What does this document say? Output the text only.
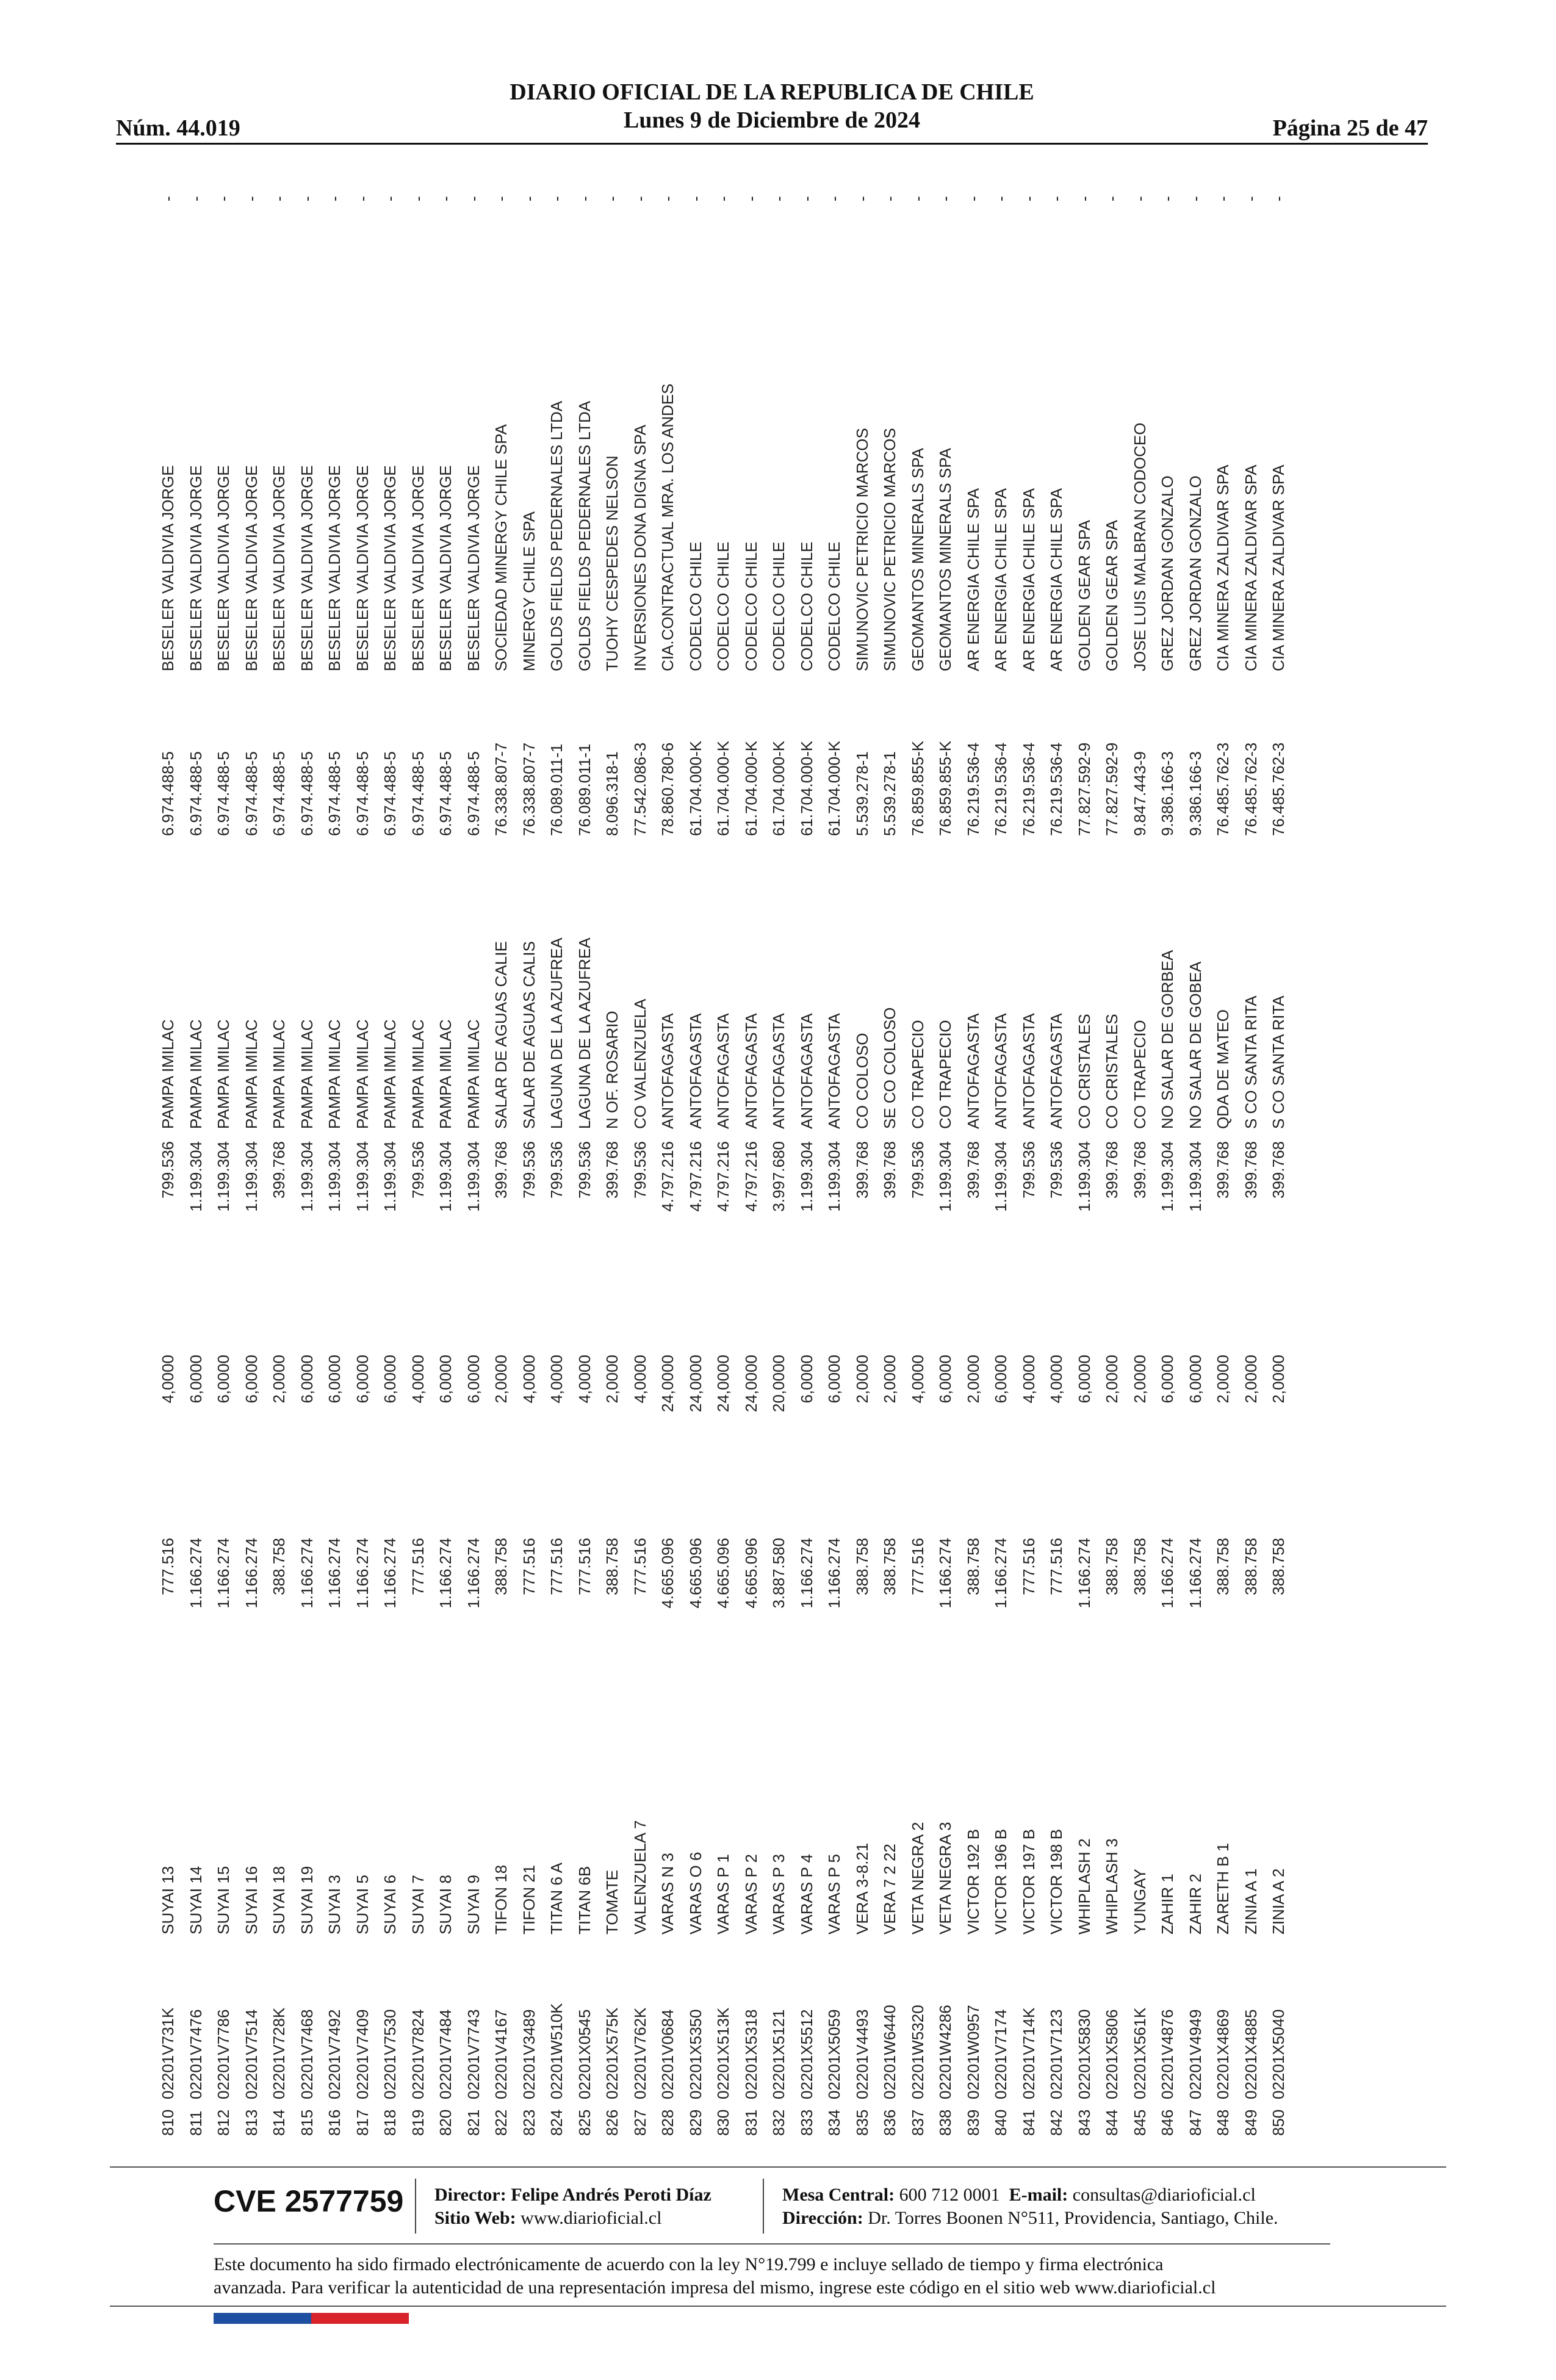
Núm. 44.019
DIARIO OFICIAL DE LA REPUBLICA DE CHILE
Lunes 9 de Diciembre de 2024	Página 25 de 47
810
02201V731K
SUYAI 13
777.516
4,0000
799.536
PAMPA IMILAC
6.974.488-5
BESELER VALDIVIA JORGE
-
811
02201V7476
SUYAI 14
1.166.274
6,0000
1.199.304
PAMPA IMILAC
6.974.488-5
BESELER VALDIVIA JORGE
-
812
02201V7786
SUYAI 15
1.166.274
6,0000
1.199.304
PAMPA IMILAC
6.974.488-5
BESELER VALDIVIA JORGE
-
813
02201V7514
SUYAI 16
1.166.274
6,0000
1.199.304
PAMPA IMILAC
6.974.488-5
BESELER VALDIVIA JORGE
-
814
02201V728K
SUYAI 18
388.758
2,0000
399.768
PAMPA IMILAC
6.974.488-5
BESELER VALDIVIA JORGE
-
815
02201V7468
SUYAI 19
1.166.274
6,0000
1.199.304
PAMPA IMILAC
6.974.488-5
BESELER VALDIVIA JORGE
-
816
02201V7492
SUYAI 3
1.166.274
6,0000
1.199.304
PAMPA IMILAC
6.974.488-5
BESELER VALDIVIA JORGE
-
817
02201V7409
SUYAI 5
1.166.274
6,0000
1.199.304
PAMPA IMILAC
6.974.488-5
BESELER VALDIVIA JORGE
-
818
02201V7530
SUYAI 6
1.166.274
6,0000
1.199.304
PAMPA IMILAC
6.974.488-5
BESELER VALDIVIA JORGE
-
819
02201V7824
SUYAI 7
777.516
4,0000
799.536
PAMPA IMILAC
6.974.488-5
BESELER VALDIVIA JORGE
-
820
02201V7484
SUYAI 8
1.166.274
6,0000
1.199.304
PAMPA IMILAC
6.974.488-5
BESELER VALDIVIA JORGE
-
821
02201V7743
SUYAI 9
1.166.274
6,0000
1.199.304
PAMPA IMILAC
6.974.488-5
BESELER VALDIVIA JORGE
-
822
02201V4167
TIFON 18
388.758
2,0000
399.768
SALAR DE AGUAS CALIE
76.338.807-7
SOCIEDAD MINERGY CHILE SPA
-
823
02201V3489
TIFON 21
777.516
4,0000
799.536
SALAR DE AGUAS CALIS
76.338.807-7
MINERGY CHILE SPA
-
824
02201W510K
TITAN 6 A
777.516
4,0000
799.536
LAGUNA DE LA AZUFREA
76.089.011-1
GOLDS FIELDS PEDERNALES LTDA
-
825
02201X0545
TITAN 6B
777.516
4,0000
799.536
LAGUNA DE LA AZUFREA
76.089.011-1
GOLDS FIELDS PEDERNALES LTDA
-
826
02201X575K
TOMATE
388.758
2,0000
399.768
N OF. ROSARIO
8.096.318-1
TUOHY CESPEDES NELSON
-
827
02201V762K
VALENZUELA 7
777.516
4,0000
799.536
CO VALENZUELA
77.542.086-3
INVERSIONES DONA DIGNA SPA
-
828
02201V0684
VARAS N 3
4.665.096
24,0000
4.797.216
ANTOFAGASTA
78.860.780-6
CIA.CONTRACTUAL MRA. LOS ANDES
-
829
02201X5350
VARAS O 6
4.665.096
24,0000
4.797.216
ANTOFAGASTA
61.704.000-K
CODELCO CHILE
-
830
02201X513K
VARAS P 1
4.665.096
24,0000
4.797.216
ANTOFAGASTA
61.704.000-K
CODELCO CHILE
-
831
02201X5318
VARAS P 2
4.665.096
24,0000
4.797.216
ANTOFAGASTA
61.704.000-K
CODELCO CHILE
-
832
02201X5121
VARAS P 3
3.887.580
20,0000
3.997.680
ANTOFAGASTA
61.704.000-K
CODELCO CHILE
-
833
02201X5512
VARAS P 4
1.166.274
6,0000
1.199.304
ANTOFAGASTA
61.704.000-K
CODELCO CHILE
-
834
02201X5059
VARAS P 5
1.166.274
6,0000
1.199.304
ANTOFAGASTA
61.704.000-K
CODELCO CHILE
-
835
02201V4493
VERA 3-8.21
388.758
2,0000
399.768
CO COLOSO
5.539.278-1
SIMUNOVIC PETRICIO MARCOS
-
836
02201W6440
VERA 7 2 22
388.758
2,0000
399.768
SE CO COLOSO
5.539.278-1
SIMUNOVIC PETRICIO MARCOS
-
837
02201W5320
VETA NEGRA 2
777.516
4,0000
799.536
CO TRAPECIO
76.859.855-K
GEOMANTOS MINERALS SPA
-
838
02201W4286
VETA NEGRA 3
1.166.274
6,0000
1.199.304
CO TRAPECIO
76.859.855-K
GEOMANTOS MINERALS SPA
-
839
02201W0957
VICTOR 192 B
388.758
2,0000
399.768
ANTOFAGASTA
76.219.536-4
AR ENERGIA CHILE SPA
-
840
02201V7174
VICTOR 196 B
1.166.274
6,0000
1.199.304
ANTOFAGASTA
76.219.536-4
AR ENERGIA CHILE SPA
-
841
02201V714K
VICTOR 197 B
777.516
4,0000
799.536
ANTOFAGASTA
76.219.536-4
AR ENERGIA CHILE SPA
-
842
02201V7123
VICTOR 198 B
777.516
4,0000
799.536
ANTOFAGASTA
76.219.536-4
AR ENERGIA CHILE SPA
-
843
02201X5830
WHIPLASH 2
1.166.274
6,0000
1.199.304
CO CRISTALES
77.827.592-9
GOLDEN GEAR SPA
-
844
02201X5806
WHIPLASH 3
388.758
2,0000
399.768
CO CRISTALES
77.827.592-9
GOLDEN GEAR SPA
-
845
02201X561K
YUNGAY
388.758
2,0000
399.768
CO TRAPECIO
9.847.443-9
JOSE LUIS MALBRAN CODOCEO
-
846
02201V4876
ZAHIR 1
1.166.274
6,0000
1.199.304
NO SALAR DE GORBEA
9.386.166-3
GREZ JORDAN GONZALO
-
847
02201V4949
ZAHIR 2
1.166.274
6,0000
1.199.304
NO SALAR DE GOBEA
9.386.166-3
GREZ JORDAN GONZALO
-
848
02201X4869
ZARETH B 1
388.758
2,0000
399.768
QDA DE MATEO
76.485.762-3
CIA MINERA ZALDIVAR SPA
-
849
02201X4885
ZINIA A 1
388.758
2,0000
399.768
S CO SANTA RITA
76.485.762-3
CIA MINERA ZALDIVAR SPA
-
850
02201X5040
ZINIA A 2
388.758
2,0000
399.768
S CO SANTA RITA
76.485.762-3
CIA MINERA ZALDIVAR SPA
-
CVE 2577759 Director: Felipe Andrés Peroti Díaz
Sitio Web: www.diarioficial.cl
Mesa Central: 600 712 0001 E-mail: consultas@diarioficial.cl
Dirección: Dr. Torres Boonen N°511, Providencia, Santiago, Chile.
Este documento ha sido firmado electrónicamente de acuerdo con la ley N°19.799 e incluye sellado de tiempo y firma electrónica
avanzada. Para verificar la autenticidad de una representación impresa del mismo, ingrese este código en el sitio web www.diarioficial.cl
